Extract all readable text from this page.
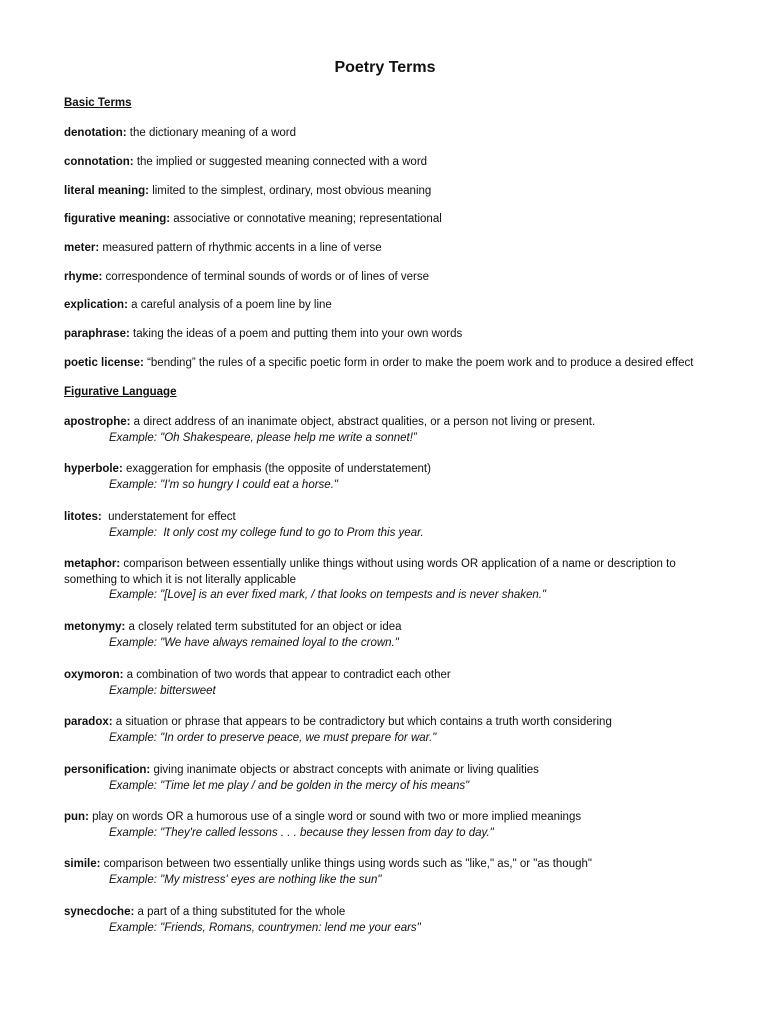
Poetry Terms
Basic Terms
denotation: the dictionary meaning of a word
connotation: the implied or suggested meaning connected with a word
literal meaning: limited to the simplest, ordinary, most obvious meaning
figurative meaning: associative or connotative meaning; representational
meter: measured pattern of rhythmic accents in a line of verse
rhyme: correspondence of terminal sounds of words or of lines of verse
explication: a careful analysis of a poem line by line
paraphrase: taking the ideas of a poem and putting them into your own words
poetic license: “bending” the rules of a specific poetic form in order to make the poem work and to produce a desired effect
Figurative Language
apostrophe: a direct address of an inanimate object, abstract qualities, or a person not living or present.
Example: "Oh Shakespeare, please help me write a sonnet!”
hyperbole: exaggeration for emphasis (the opposite of understatement)
Example: "I'm so hungry I could eat a horse."
litotes:  understatement for effect
Example:  It only cost my college fund to go to Prom this year.
metaphor: comparison between essentially unlike things without using words OR application of a name or description to
something to which it is not literally applicable
Example: "[Love] is an ever fixed mark, / that looks on tempests and is never shaken."
metonymy: a closely related term substituted for an object or idea
Example: "We have always remained loyal to the crown."
oxymoron: a combination of two words that appear to contradict each other
Example: bittersweet
paradox: a situation or phrase that appears to be contradictory but which contains a truth worth considering
Example: "In order to preserve peace, we must prepare for war."
personification: giving inanimate objects or abstract concepts with animate or living qualities
Example: "Time let me play / and be golden in the mercy of his means"
pun: play on words OR a humorous use of a single word or sound with two or more implied meanings
Example: "They're called lessons . . . because they lessen from day to day."
simile: comparison between two essentially unlike things using words such as "like," as," or "as though"
Example: "My mistress' eyes are nothing like the sun"
synecdoche: a part of a thing substituted for the whole
Example: "Friends, Romans, countrymen: lend me your ears"
